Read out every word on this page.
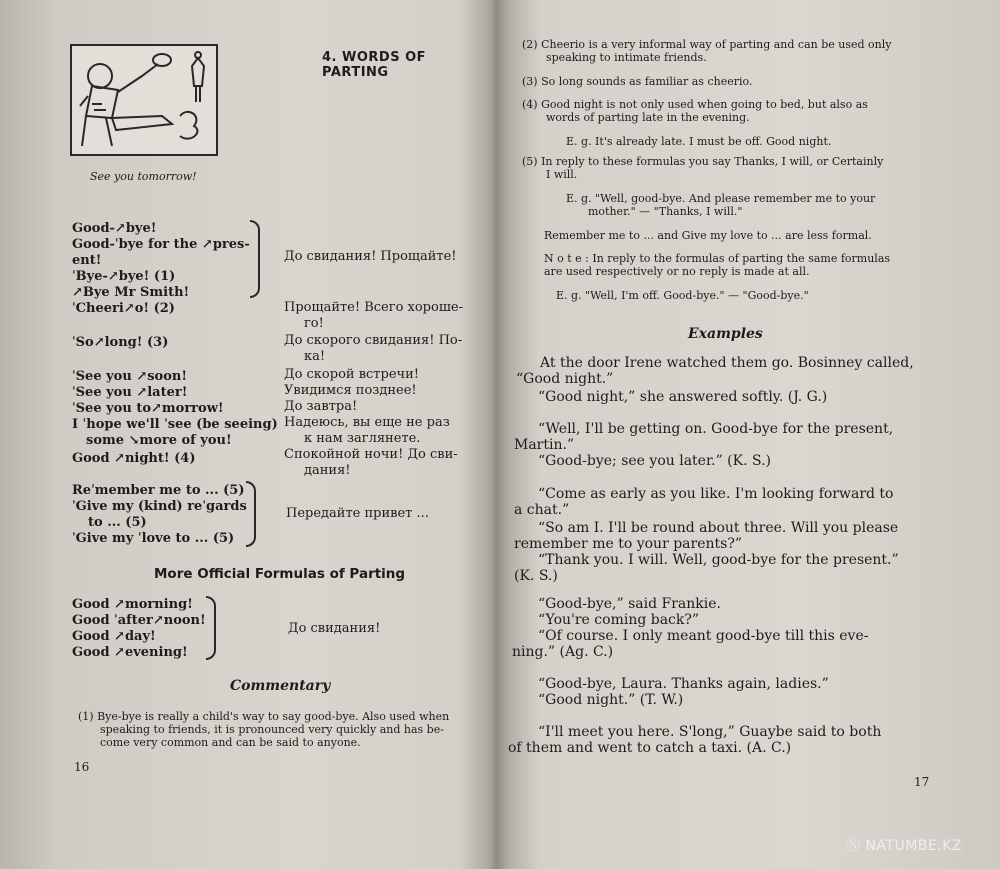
See you tomorrow!
4. WORDS OF PARTING
Good-↗bye!
Good-ˈbye for the ↗pres-
ent!
ˈBye-↗bye! (1)
↗Bye Mr Smith!
До свидания! Прощайте!
ˈCheeri↗o! (2)	Прощайте! Всего хороше-
го!
ˈSo↗long! (3)	До скорого свидания! По-
ка!
ˈSee you ↗soon!	До скорой встречи!
ˈSee you ↗later!	Увидимся позднее!
ˈSee you to↗morrow!	До завтра!
I ˈhope we'll ˈsee (be seeing) Надеюсь, вы еще не раз
some ↘more of you!	к нам заглянете.
Good ↗night! (4)	Спокойной ночи! До сви-
дания!
Reˈmember me to ... (5)
ˈGive my (kind) reˈgards
to ... (5)
ˈGive my ˈlove to ... (5)
Передайте привет ...
More Official Formulas of Parting
Good ↗morning!
Good ˈafter↗noon!
Good ↗day!
Good ↗evening!
До свидания!
Commentary
(1) Bye-bye is really a child's way to say good-bye. Also used when
speaking to friends, it is pronounced very quickly and has be-
come very common and can be said to anyone.
16
(2) Cheerio is a very informal way of parting and can be used only
speaking to intimate friends.
(3) So long sounds as familiar as cheerio.
(4) Good night is not only used when going to bed, but also as
words of parting late in the evening.
E. g. It's already late. I must be off. Good night.
(5) In reply to these formulas you say Thanks, I will, or Certainly
I will.
E. g. "Well, good-bye. And please remember me to your
mother." — "Thanks, I will."
Remember me to ... and Give my love to ... are less formal.
N o t e : In reply to the formulas of parting the same formulas
are used respectively or no reply is made at all.
E. g. "Well, I'm off. Good-bye." — "Good-bye."
Examples
At the door Irene watched them go. Bosinney called,
“Good night.”
“Good night,” she answered softly. (J. G.)
“Well, I'll be getting on. Good-bye for the present,
Martin.”
“Good-bye; see you later.” (K. S.)
“Come as early as you like. I'm looking forward to
a chat.”
“So am I. I'll be round about three. Will you please
remember me to your parents?”
“Thank you. I will. Well, good-bye for the present.”
(K. S.)
“Good-bye,” said Frankie.
“You're coming back?”
“Of course. I only meant good-bye till this eve-
ning.” (Ag. C.)
“Good-bye, Laura. Thanks again, ladies.”
“Good night.” (T. W.)
“I'll meet you here. S'long,” Guaybe said to both
of them and went to catch a taxi. (A. C.)
17
Ⓝ NATUMBE.KZ
